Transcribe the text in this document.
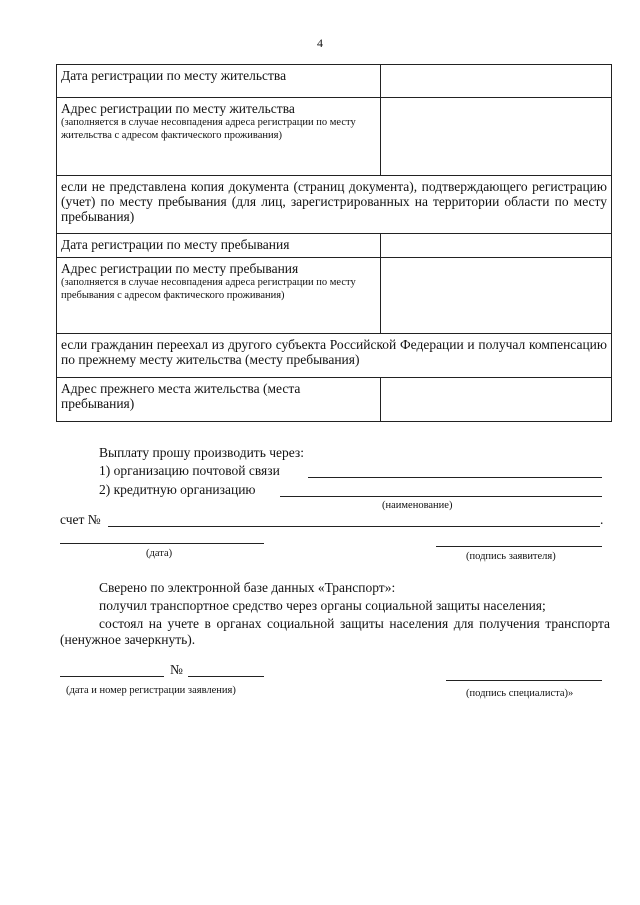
4
Дата регистрации по месту жительства	
Адрес регистрации по месту жительства
(заполняется в случае несовпадения адреса регистрации по месту жительства с адресом фактического проживания)	

если не представлена копия документа (страниц документа), подтверждающего регистрацию (учет) по месту пребывания (для лиц, зарегистрированных на территории области по месту пребывания)	
Дата регистрации по месту пребывания	
Адрес регистрации по месту пребывания
(заполняется в случае несовпадения адреса регистрации по месту пребывания с адресом фактического проживания)	

если гражданин переехал из другого субъекта Российской Федерации и получал компенсацию по прежнему месту жительства (месту пребывания)	
Адрес прежнего места жительства (места пребывания)	
Выплату прошу производить через:
1) организацию почтовой связи
2) кредитную организацию
(наименование)
счет №	.
(дата)	(подпись заявителя)
Сверено по электронной базе данных «Транспорт»:
получил транспортное средство через органы социальной защиты населения;
состоял на учете в органах социальной защиты населения для получения транспорта (ненужное зачеркнуть).
№
(дата и номер регистрации заявления)	(подпись специалиста)»
